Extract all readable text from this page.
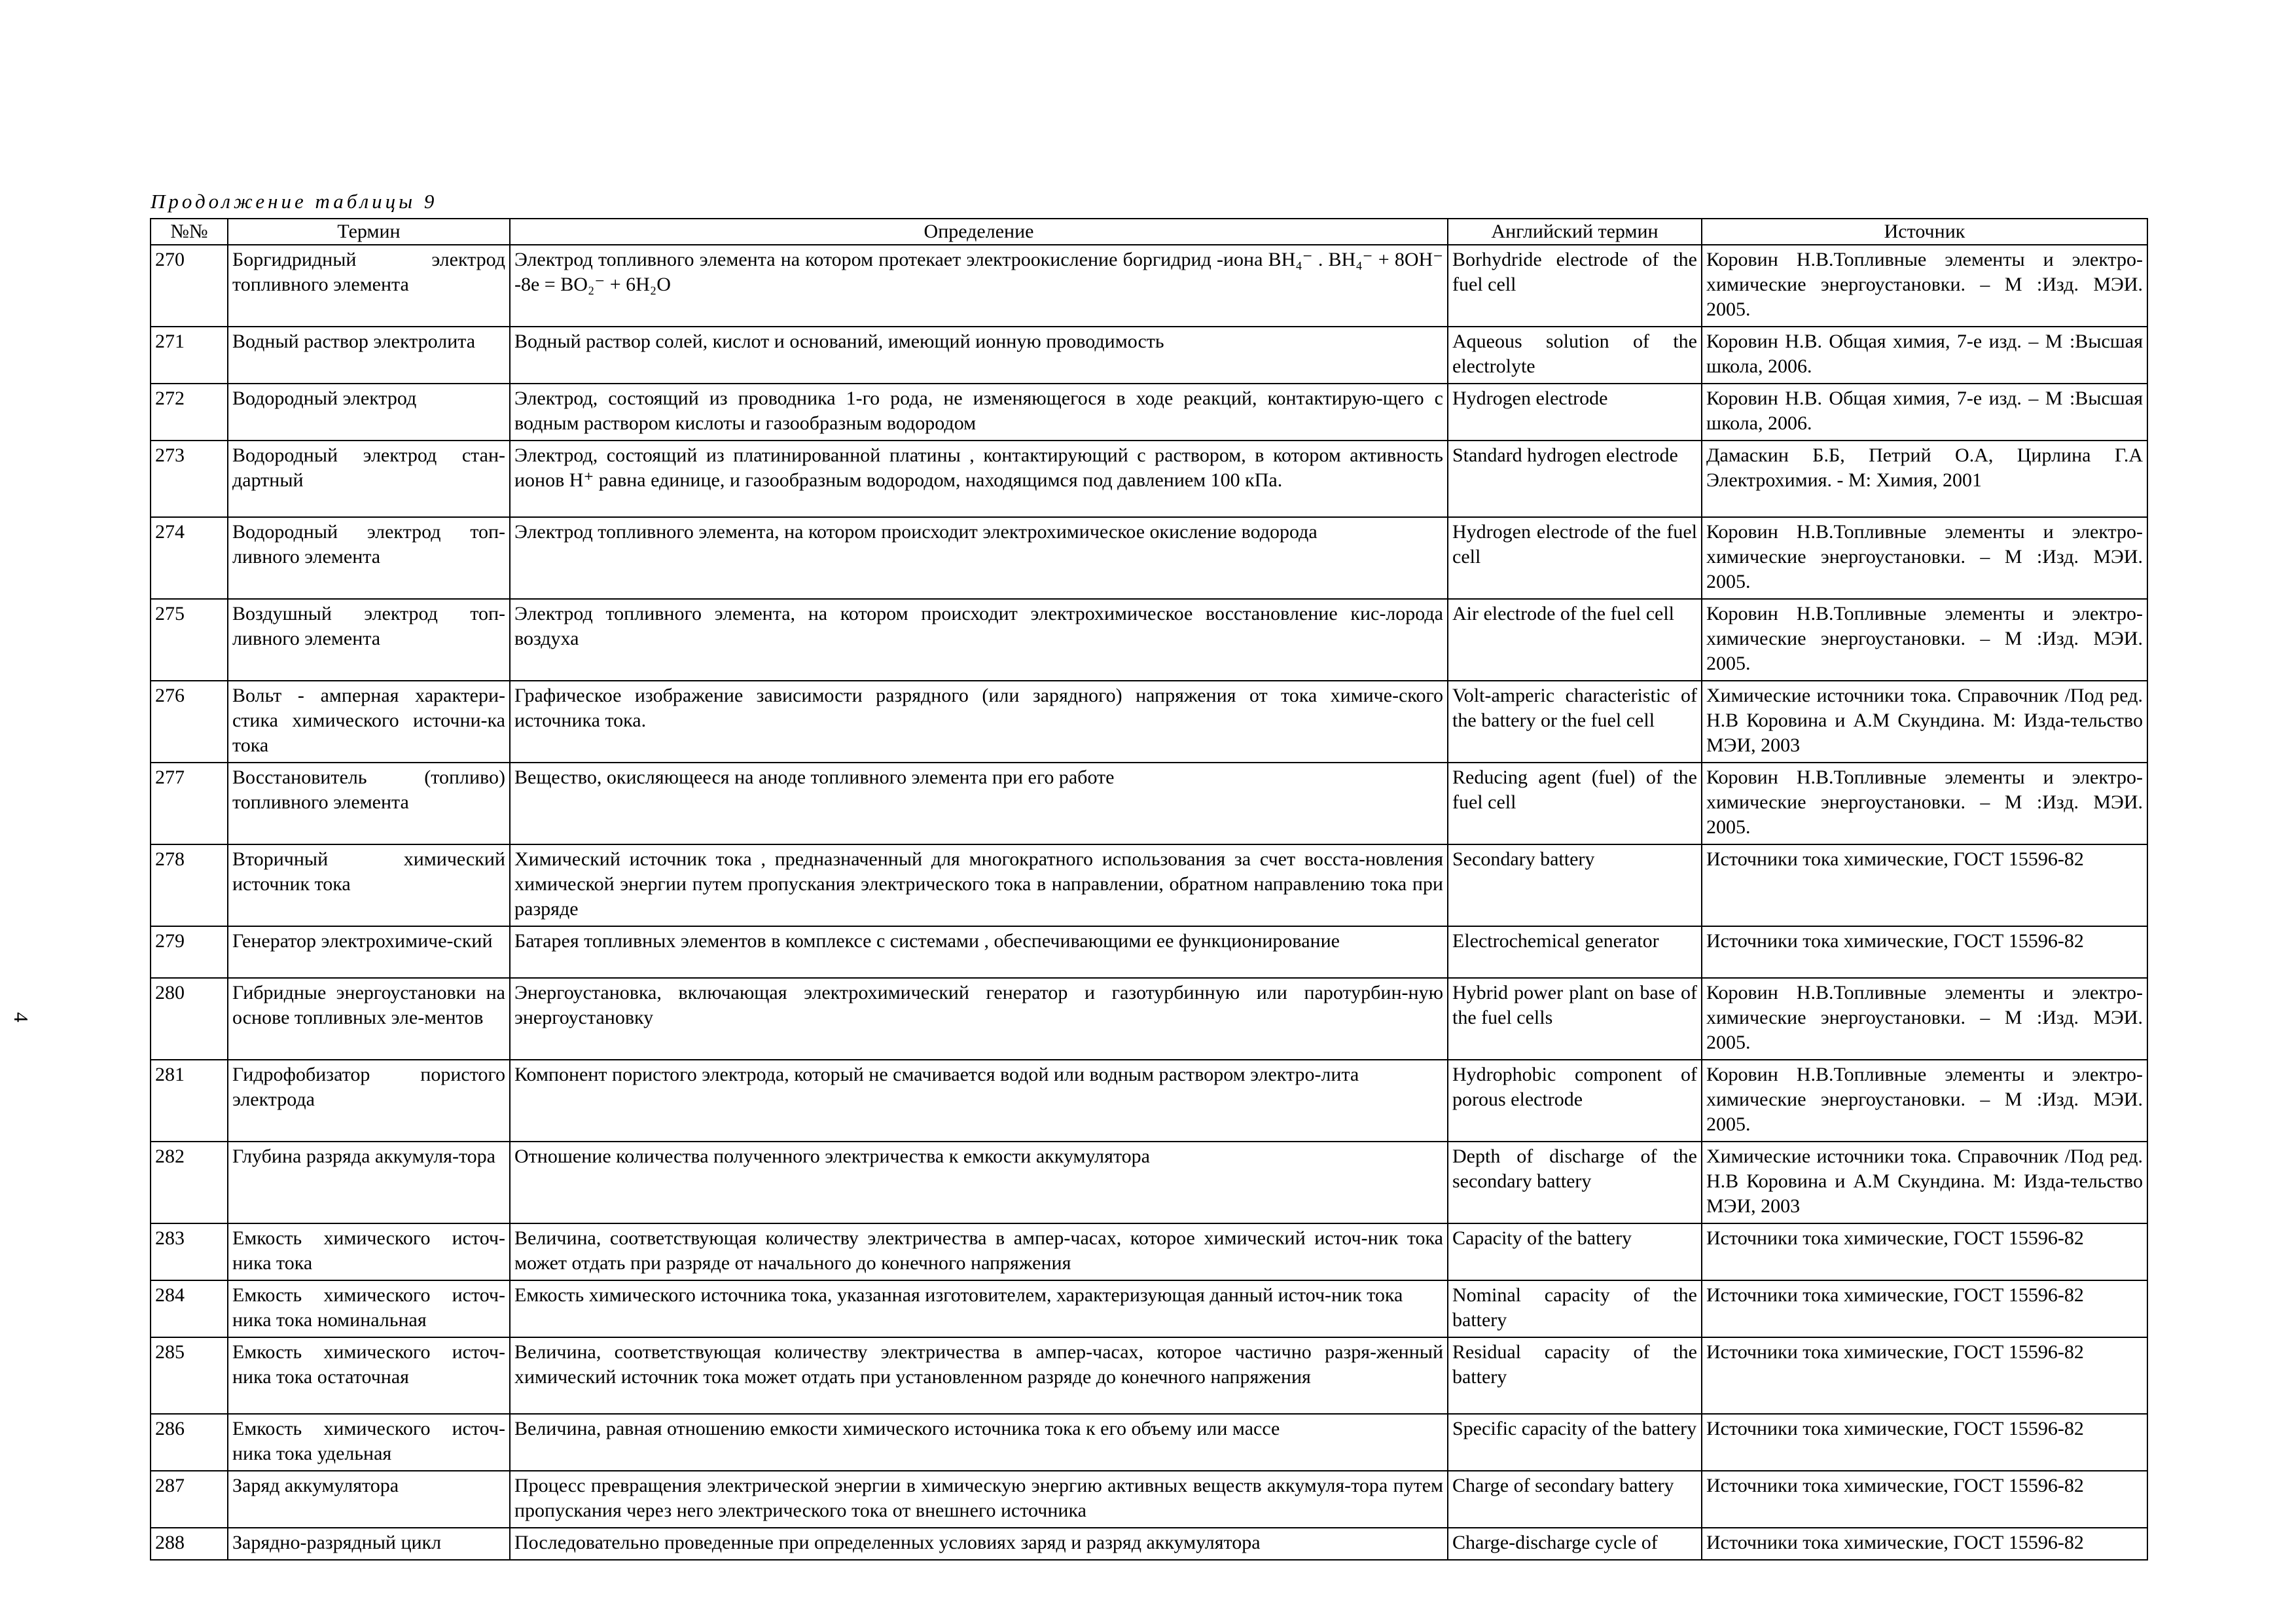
Продолжение таблицы 9
4
№№	Термин	Определение	Английский термин	Источник
270	Боргидридный электрод топливного элемента	Электрод топливного элемента на котором протекает электроокисление боргидрид -иона BH₄⁻ . BH₄⁻ + 8OH⁻ -8e = BO₂⁻ + 6H₂O	Borhydride electrode of the fuel cell	Коровин Н.В.Топливные элементы и электро-химические энергоустановки. – М :Изд. МЭИ. 2005.
271	Водный раствор электролита	Водный раствор солей, кислот и оснований, имеющий ионную проводимость	Aqueous solution of the electrolyte	Коровин Н.В. Общая химия, 7-е изд. – М :Высшая школа, 2006.
272	Водородный электрод	Электрод, состоящий из проводника 1-го рода, не изменяющегося в ходе реакций, контактирую-щего с водным раствором кислоты и газообразным водородом	Hydrogen electrode	Коровин Н.В. Общая химия, 7-е изд. – М :Высшая школа, 2006.
273	Водородный электрод стан-дартный	Электрод, состоящий из платинированной платины , контактирующий с раствором, в котором активность ионов H⁺ равна единице, и газообразным водородом, находящимся под давлением 100 кПа.	Standard hydrogen electrode	Дамаскин Б.Б, Петрий О.А, Цирлина Г.А Электрохимия. - М: Химия, 2001
274	Водородный электрод топ-ливного элемента	Электрод топливного элемента, на котором происходит электрохимическое окисление водорода	Hydrogen electrode of the fuel cell	Коровин Н.В.Топливные элементы и электро-химические энергоустановки. – М :Изд. МЭИ. 2005.
275	Воздушный электрод топ-ливного элемента	Электрод топливного элемента, на котором происходит электрохимическое восстановление кис-лорода воздуха	Air electrode of the fuel cell	Коровин Н.В.Топливные элементы и электро-химические энергоустановки. – М :Изд. МЭИ. 2005.
276	Вольт - амперная характери-стика химического источни-ка тока	Графическое изображение зависимости разрядного (или зарядного) напряжения от тока химиче-ского источника тока.	Volt-amperic characteristic of the battery or the fuel cell	Химические источники тока. Справочник /Под ред. Н.В Коровина и А.М Скундина. М: Изда-тельство МЭИ, 2003
277	Восстановитель (топливо) топливного элемента	Вещество, окисляющееся на аноде топливного элемента при его работе	Reducing agent (fuel) of the fuel cell	Коровин Н.В.Топливные элементы и электро-химические энергоустановки. – М :Изд. МЭИ. 2005.
278	Вторичный химический источник тока	Химический источник тока , предназначенный для многократного использования за счет восста-новления химической энергии путем пропускания электрического тока в направлении, обратном направлению тока при разряде	Secondary battery	Источники тока химические, ГОСТ 15596-82
279	Генератор электрохимиче-ский	Батарея топливных элементов в комплексе с системами , обеспечивающими ее функционирование	Electrochemical generator	Источники тока химические, ГОСТ 15596-82
280	Гибридные энергоустановки на основе топливных эле-ментов	Энергоустановка, включающая электрохимический генератор и газотурбинную или паротурбин-ную энергоустановку	Hybrid power plant on base of the fuel cells	Коровин Н.В.Топливные элементы и электро-химические энергоустановки. – М :Изд. МЭИ. 2005.
281	Гидрофобизатор пористого электрода	Компонент пористого электрода, который не смачивается водой или водным раствором электро-лита	Hydrophobic component of porous electrode	Коровин Н.В.Топливные элементы и электро-химические энергоустановки. – М :Изд. МЭИ. 2005.
282	Глубина разряда аккумуля-тора	Отношение количества полученного электричества к емкости аккумулятора	Depth of discharge of the secondary battery	Химические источники тока. Справочник /Под ред. Н.В Коровина и А.М Скундина. М: Изда-тельство МЭИ, 2003
283	Емкость химического источ-ника тока	Величина, соответствующая количеству электричества в ампер-часах, которое химический источ-ник тока может отдать при разряде от начального до конечного напряжения	Capacity of the battery	Источники тока химические, ГОСТ 15596-82
284	Емкость химического источ-ника тока номинальная	Емкость химического источника тока, указанная изготовителем, характеризующая данный источ-ник тока	Nominal capacity of the battery	Источники тока химические, ГОСТ 15596-82
285	Емкость химического источ-ника тока остаточная	Величина, соответствующая количеству электричества в ампер-часах, которое частично разря-женный химический источник тока может отдать при установленном разряде до конечного напряжения	Residual capacity of the battery	Источники тока химические, ГОСТ 15596-82
286	Емкость химического источ-ника тока удельная	Величина, равная отношению емкости химического источника тока к его объему или массе	Specific capacity of the battery	Источники тока химические, ГОСТ 15596-82
287	Заряд аккумулятора	Процесс превращения электрической энергии в химическую энергию активных веществ аккумуля-тора путем пропускания через него электрического тока от внешнего источника	Charge of secondary battery	Источники тока химические, ГОСТ 15596-82
288	Зарядно-разрядный цикл	Последовательно проведенные при определенных условиях заряд и разряд аккумулятора	Charge-discharge cycle of	Источники тока химические, ГОСТ 15596-82
